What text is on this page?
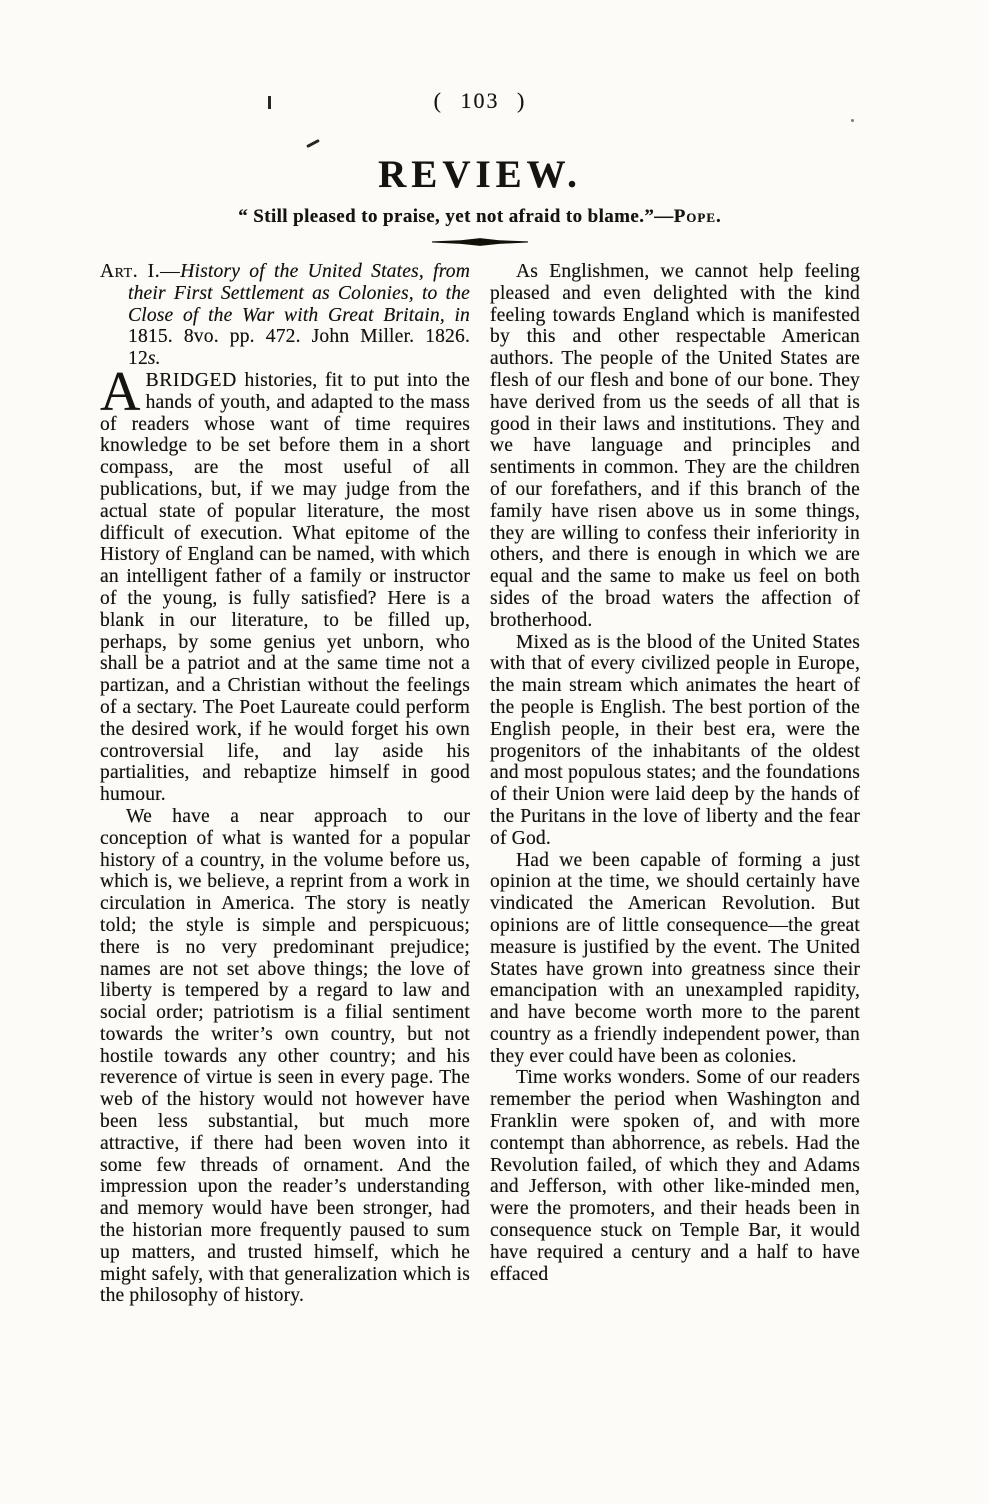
( 103 )
REVIEW.
“ Still pleased to praise, yet not afraid to blame.”—Pope.

Art. I.—History of the United States, from their First Settlement as Colonies, to the Close of the War with Great Britain, in 1815. 8vo. pp. 472. John Miller. 1826. 12s.

ABRIDGED histories, fit to put into the hands of youth, and adapted to the mass of readers whose want of time requires knowledge to be set before them in a short compass, are the most useful of all publications, but, if we may judge from the actual state of popular literature, the most difficult of execution. What epitome of the History of England can be named, with which an intelligent father of a family or instructor of the young, is fully satisfied? Here is a blank in our literature, to be filled up, perhaps, by some genius yet unborn, who shall be a patriot and at the same time not a partizan, and a Christian without the feelings of a sectary. The Poet Laureate could perform the desired work, if he would forget his own controversial life, and lay aside his partialities, and rebaptize himself in good humour.

We have a near approach to our conception of what is wanted for a popular history of a country, in the volume before us, which is, we believe, a reprint from a work in circulation in America. The story is neatly told; the style is simple and perspicuous; there is no very predominant prejudice; names are not set above things; the love of liberty is tempered by a regard to law and social order; patriotism is a filial sentiment towards the writer’s own country, but not hostile towards any other country; and his reverence of virtue is seen in every page. The web of the history would not however have been less substantial, but much more attractive, if there had been woven into it some few threads of ornament. And the impression upon the reader’s understanding and memory would have been stronger, had the historian more frequently paused to sum up matters, and trusted himself, which he might safely, with that generalization which is the philosophy of history.

As Englishmen, we cannot help feeling pleased and even delighted with the kind feeling towards England which is manifested by this and other respectable American authors. The people of the United States are flesh of our flesh and bone of our bone. They have derived from us the seeds of all that is good in their laws and institutions. They and we have language and principles and sentiments in common. They are the children of our forefathers, and if this branch of the family have risen above us in some things, they are willing to confess their inferiority in others, and there is enough in which we are equal and the same to make us feel on both sides of the broad waters the affection of brotherhood.

Mixed as is the blood of the United States with that of every civilized people in Europe, the main stream which animates the heart of the people is English. The best portion of the English people, in their best era, were the progenitors of the inhabitants of the oldest and most populous states; and the foundations of their Union were laid deep by the hands of the Puritans in the love of liberty and the fear of God.

Had we been capable of forming a just opinion at the time, we should certainly have vindicated the American Revolution. But opinions are of little consequence—the great measure is justified by the event. The United States have grown into greatness since their emancipation with an unexampled rapidity, and have become worth more to the parent country as a friendly independent power, than they ever could have been as colonies.

Time works wonders. Some of our readers remember the period when Washington and Franklin were spoken of, and with more contempt than abhorrence, as rebels. Had the Revolution failed, of which they and Adams and Jefferson, with other like-minded men, were the promoters, and their heads been in consequence stuck on Temple Bar, it would have required a century and a half to have effaced
